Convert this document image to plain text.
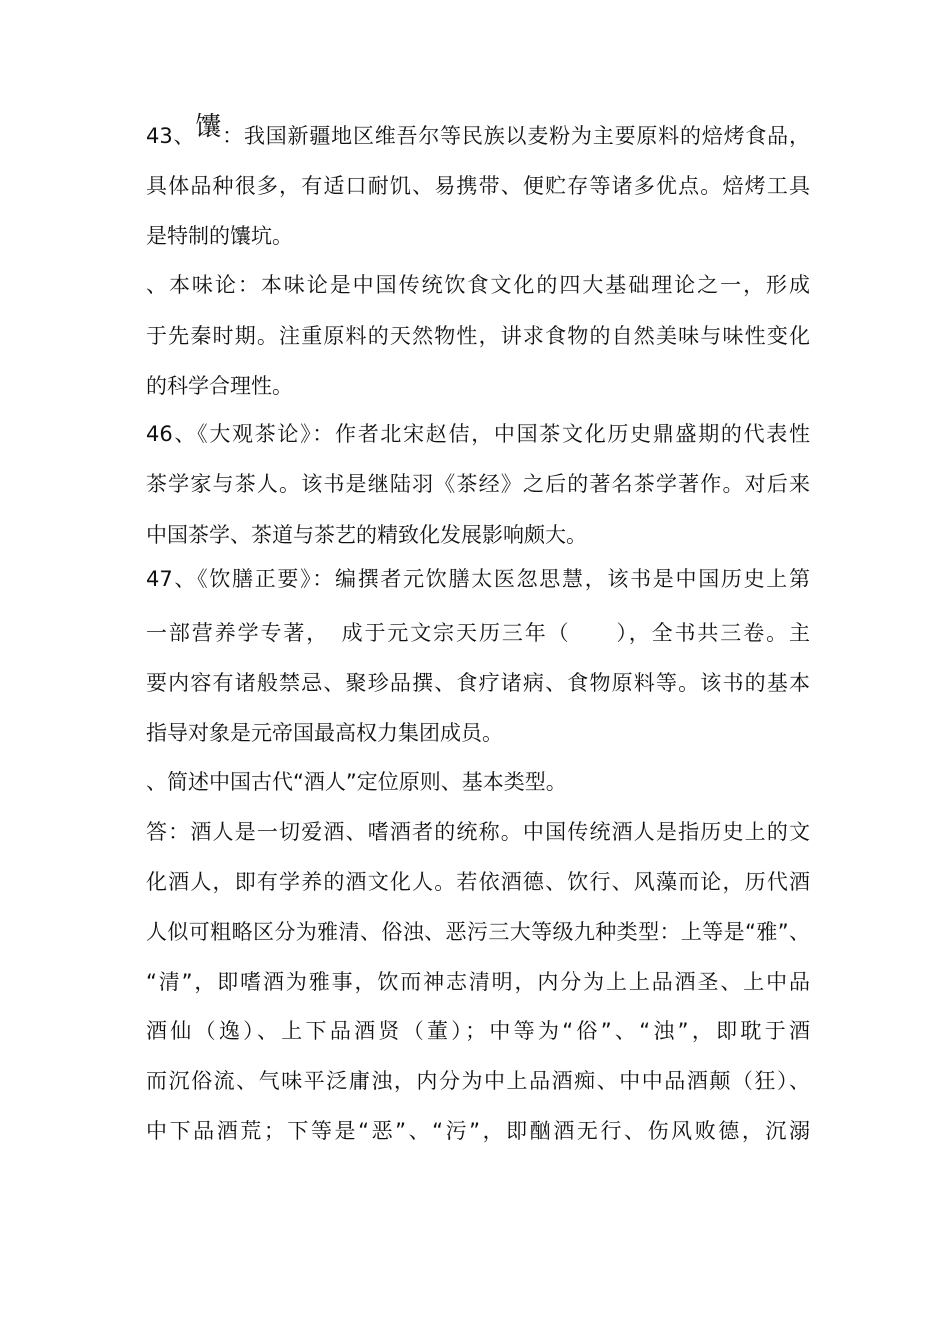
43、馕：我国新疆地区维吾尔等民族以麦粉为主要原料的焙烤食品，
具体品种很多，有适口耐饥、易携带、便贮存等诸多优点。焙烤工具
是特制的馕坑。
、本味论：本味论是中国传统饮食文化的四大基础理论之一，形成
于先秦时期。注重原料的天然物性，讲求食物的自然美味与味性变化
的科学合理性。
46、《大观茶论》：作者北宋赵佶，中国茶文化历史鼎盛期的代表性
茶学家与茶人。该书是继陆羽《茶经》之后的著名茶学著作。对后来
中国茶学、茶道与茶艺的精致化发展影响颇大。
47、《饮膳正要》：编撰者元饮膳太医忽思慧，该书是中国历史上第
一部营养学专著，　成于元文宗天历三年（　　），全书共三卷。主
要内容有诸般禁忌、聚珍品撰、食疗诸病、食物原料等。该书的基本
指导对象是元帝国最高权力集团成员。
、简述中国古代“酒人”定位原则、基本类型。
答：酒人是一切爱酒、嗜酒者的统称。中国传统酒人是指历史上的文
化酒人，即有学养的酒文化人。若依酒德、饮行、风藻而论，历代酒
人似可粗略区分为雅清、俗浊、恶污三大等级九种类型：上等是“雅”、
“清”，即嗜酒为雅事，饮而神志清明，内分为上上品酒圣、上中品
酒仙（逸）、上下品酒贤（董）；中等为“俗”、“浊”，即耽于酒
而沉俗流、气味平泛庸浊，内分为中上品酒痴、中中品酒颠（狂）、
中下品酒荒；下等是“恶”、“污”，即酗酒无行、伤风败德，沉溺
